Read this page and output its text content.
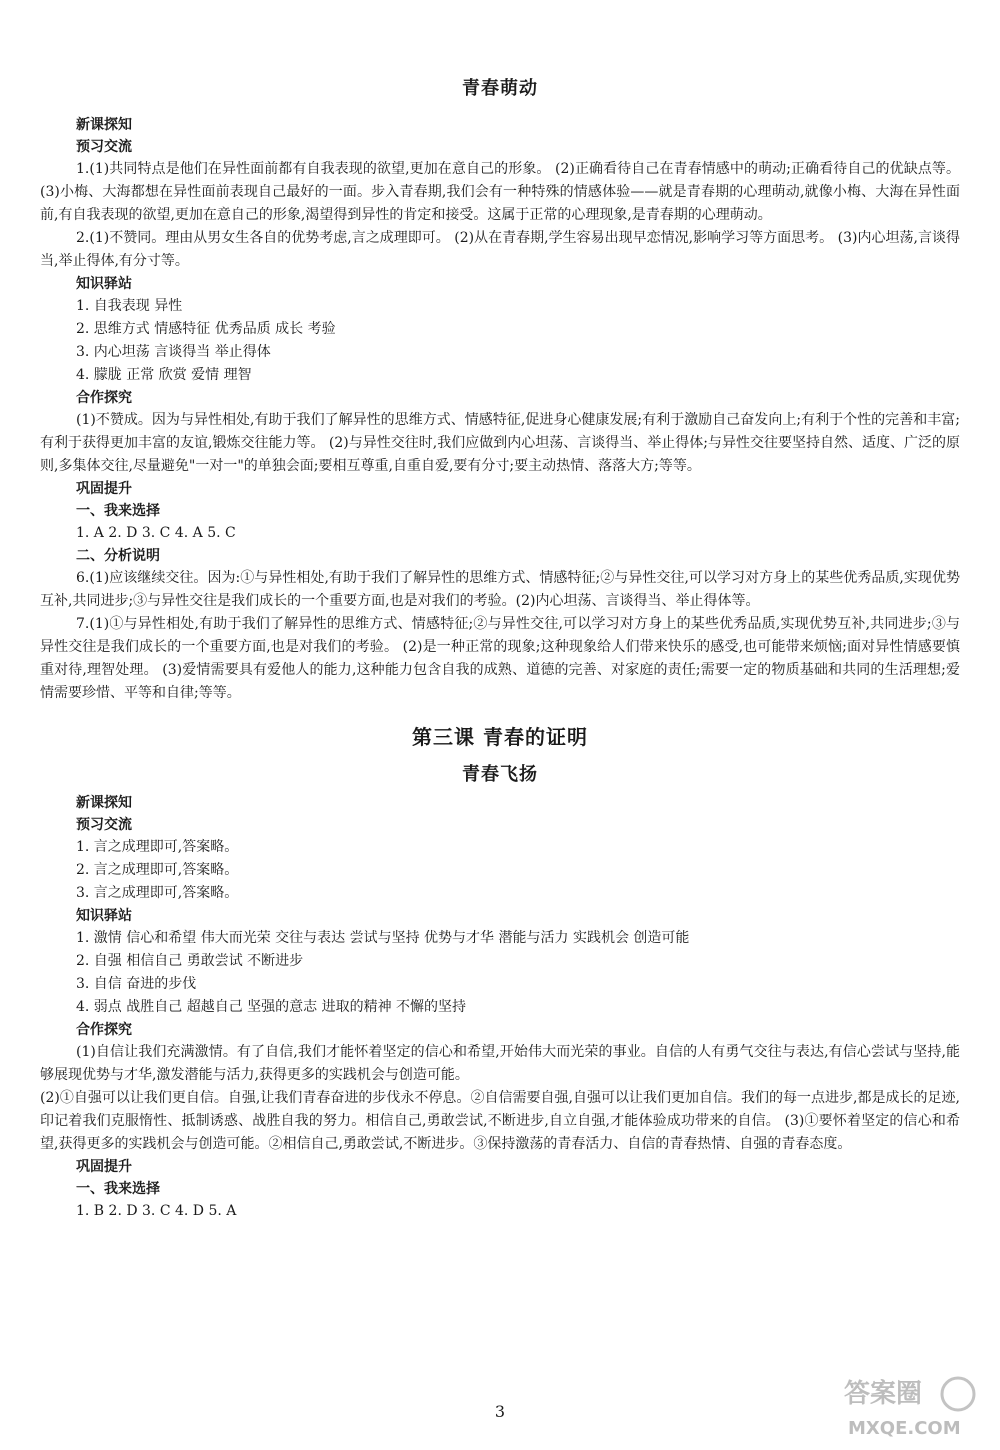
青春萌动
新课探知
预习交流

1.(1)共同特点是他们在异性面前都有自我表现的欲望,更加在意自己的形象。 (2)正确看待自己在青春情感中的萌动;正确看待自己的优缺点等。 (3)小梅、大海都想在异性面前表现自己最好的一面。步入青春期,我们会有一种特殊的情感体验——就是青春期的心理萌动,就像小梅、大海在异性面前,有自我表现的欲望,更加在意自己的形象,渴望得到异性的肯定和接受。这属于正常的心理现象,是青春期的心理萌动。

2.(1)不赞同。理由从男女生各自的优势考虑,言之成理即可。 (2)从在青春期,学生容易出现早恋情况,影响学习等方面思考。 (3)内心坦荡,言谈得当,举止得体,有分寸等。

知识驿站

1. 自我表现 异性

2. 思维方式 情感特征 优秀品质 成长 考验

3. 内心坦荡 言谈得当 举止得体

4. 朦胧 正常 欣赏 爱情 理智

合作探究

(1)不赞成。因为与异性相处,有助于我们了解异性的思维方式、情感特征,促进身心健康发展;有利于激励自己奋发向上;有利于个性的完善和丰富;有利于获得更加丰富的友谊,锻炼交往能力等。 (2)与异性交往时,我们应做到内心坦荡、言谈得当、举止得体;与异性交往要坚持自然、适度、广泛的原则,多集体交往,尽量避免"一对一"的单独会面;要相互尊重,自重自爱,要有分寸;要主动热情、落落大方;等等。

巩固提升
一、我来选择

1. A 2. D 3. C 4. A 5. C

二、分析说明

6.(1)应该继续交往。因为:①与异性相处,有助于我们了解异性的思维方式、情感特征;②与异性交往,可以学习对方身上的某些优秀品质,实现优势互补,共同进步;③与异性交往是我们成长的一个重要方面,也是对我们的考验。(2)内心坦荡、言谈得当、举止得体等。

7.(1)①与异性相处,有助于我们了解异性的思维方式、情感特征;②与异性交往,可以学习对方身上的某些优秀品质,实现优势互补,共同进步;③与异性交往是我们成长的一个重要方面,也是对我们的考验。 (2)是一种正常的现象;这种现象给人们带来快乐的感受,也可能带来烦恼;面对异性情感要慎重对待,理智处理。 (3)爱情需要具有爱他人的能力,这种能力包含自我的成熟、道德的完善、对家庭的责任;需要一定的物质基础和共同的生活理想;爱情需要珍惜、平等和自律;等等。

第三课 青春的证明
青春飞扬
新课探知
预习交流

1. 言之成理即可,答案略。

2. 言之成理即可,答案略。

3. 言之成理即可,答案略。

知识驿站

1. 激情 信心和希望 伟大而光荣 交往与表达 尝试与坚持 优势与才华 潜能与活力 实践机会 创造可能

2. 自强 相信自己 勇敢尝试 不断进步

3. 自信 奋进的步伐

4. 弱点 战胜自己 超越自己 坚强的意志 进取的精神 不懈的坚持

合作探究

(1)自信让我们充满激情。有了自信,我们才能怀着坚定的信心和希望,开始伟大而光荣的事业。自信的人有勇气交往与表达,有信心尝试与坚持,能够展现优势与才华,激发潜能与活力,获得更多的实践机会与创造可能。

(2)①自强可以让我们更自信。自强,让我们青春奋进的步伐永不停息。②自信需要自强,自强可以让我们更加自信。我们的每一点进步,都是成长的足迹,印记着我们克服惰性、抵制诱惑、战胜自我的努力。相信自己,勇敢尝试,不断进步,自立自强,才能体验成功带来的自信。 (3)①要怀着坚定的信心和希望,获得更多的实践机会与创造可能。②相信自己,勇敢尝试,不断进步。③保持激荡的青春活力、自信的青春热情、自强的青春态度。

巩固提升
一、我来选择

1. B 2. D 3. C 4. D 5. A

3
答案圈
MXQE.COM
